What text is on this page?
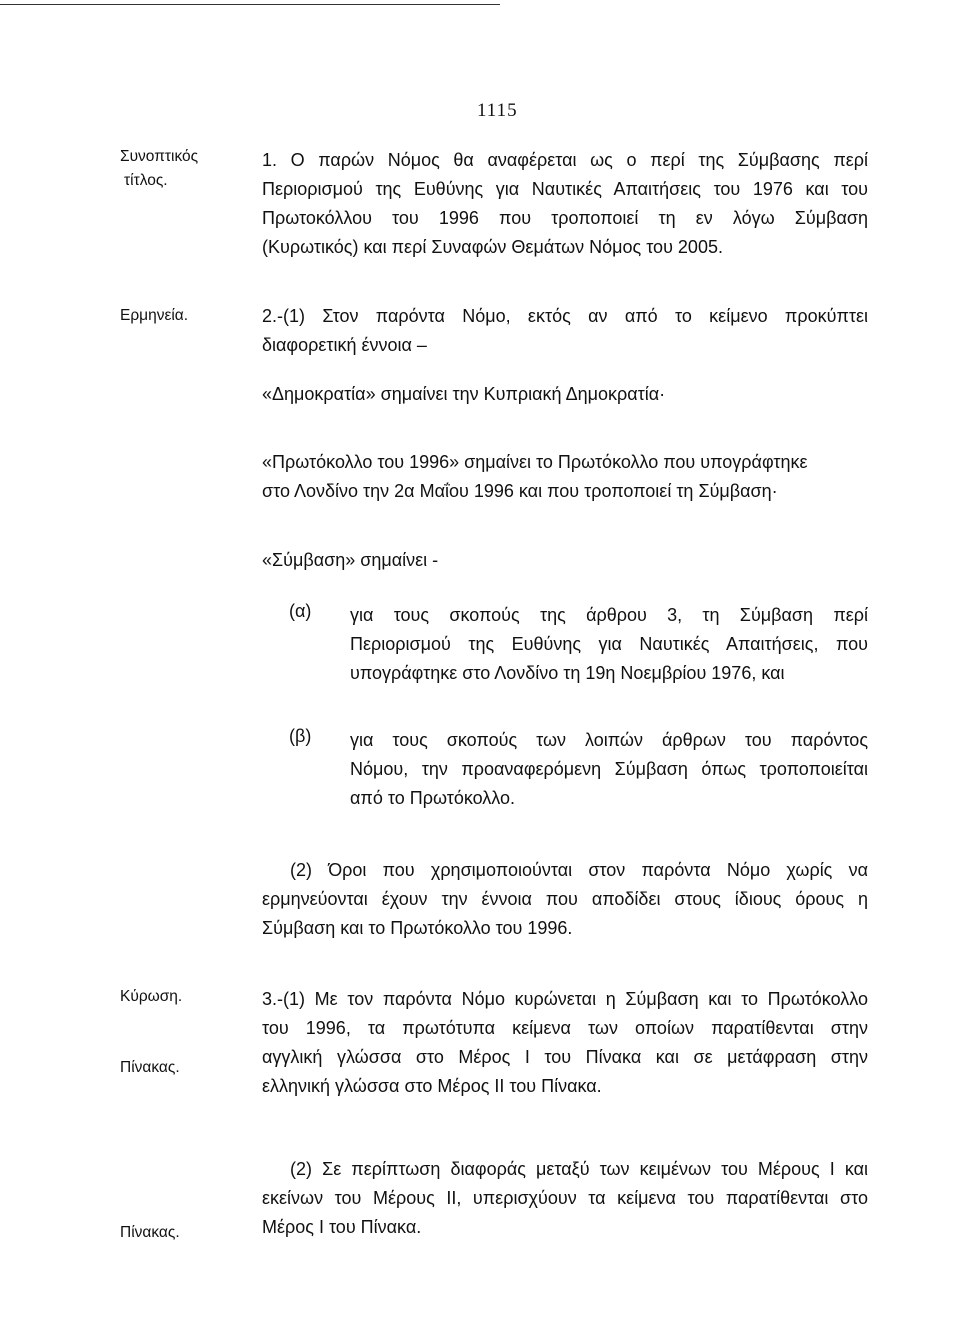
1115
Συνοπτικός
τίτλος.
Ερμηνεία.
Κύρωση.
Πίνακας.
Πίνακας.
1. Ο παρών Νόμος θα αναφέρεται ως ο περί της Σύμβασης περί
Περιορισμού της Ευθύνης για Ναυτικές Απαιτήσεις του 1976 και του
Πρωτοκόλλου του 1996 που τροποποιεί τη εν λόγω Σύμβαση
(Κυρωτικός) και περί Συναφών Θεμάτων Νόμος του 2005.
2.-(1) Στον παρόντα Νόμο, εκτός αν από το κείμενο προκύπτει
διαφορετική έννοια –
«Δημοκρατία» σημαίνει την Κυπριακή Δημοκρατία·
«Πρωτόκολλο του 1996» σημαίνει το Πρωτόκολλο που υπογράφτηκε
στο Λονδίνο την 2α Μαΐου 1996 και που τροποποιεί τη Σύμβαση·
«Σύμβαση» σημαίνει -
(α) για τους σκοπούς της άρθρου 3, τη Σύμβαση περί
Περιορισμού της Ευθύνης για Ναυτικές Απαιτήσεις, που
υπογράφτηκε στο Λονδίνο τη 19η Νοεμβρίου 1976, και
(β) για τους σκοπούς των λοιπών άρθρων του παρόντος
Νόμου, την προαναφερόμενη Σύμβαση όπως τροποποιείται
από το Πρωτόκολλο.
(2) Όροι που χρησιμοποιούνται στον παρόντα Νόμο χωρίς να
ερμηνεύονται έχουν την έννοια που αποδίδει στους ίδιους όρους η
Σύμβαση και το Πρωτόκολλο του 1996.
3.-(1) Με τον παρόντα Νόμο κυρώνεται η Σύμβαση και το Πρωτόκολλο
του 1996, τα πρωτότυπα κείμενα των οποίων παρατίθενται στην
αγγλική γλώσσα στο Μέρος I του Πίνακα και σε μετάφραση στην
ελληνική γλώσσα στο Μέρος II του Πίνακα.
(2) Σε περίπτωση διαφοράς μεταξύ των κειμένων του Μέρους I και
εκείνων του Μέρους II, υπερισχύουν τα κείμενα του παρατίθενται στο
Μέρος I του Πίνακα.
